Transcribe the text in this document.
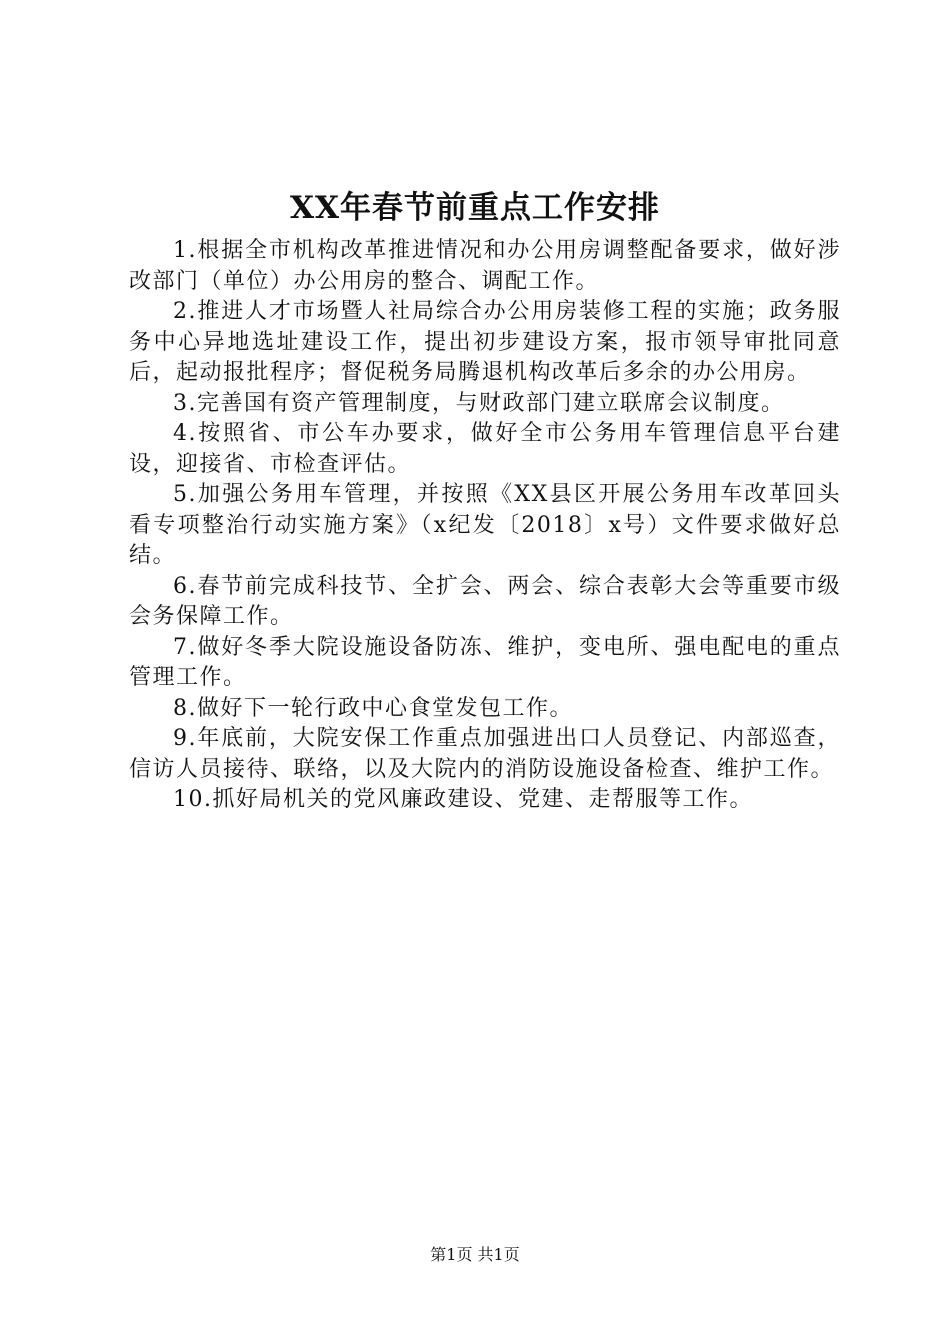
XX年春节前重点工作安排

1.根据全市机构改革推进情况和办公用房调整配备要求，做好涉改部门（单位）办公用房的整合、调配工作。

2.推进人才市场暨人社局综合办公用房装修工程的实施；政务服务中心异地选址建设工作，提出初步建设方案，报市领导审批同意后，起动报批程序；督促税务局腾退机构改革后多余的办公用房。

3.完善国有资产管理制度，与财政部门建立联席会议制度。

4.按照省、市公车办要求，做好全市公务用车管理信息平台建设，迎接省、市检查评估。

5.加强公务用车管理，并按照《XX县区开展公务用车改革回头看专项整治行动实施方案》（x纪发〔2018〕x号）文件要求做好总结。

6.春节前完成科技节、全扩会、两会、综合表彰大会等重要市级会务保障工作。

7.做好冬季大院设施设备防冻、维护，变电所、强电配电的重点管理工作。

8.做好下一轮行政中心食堂发包工作。

9.年底前，大院安保工作重点加强进出口人员登记、内部巡查，信访人员接待、联络，以及大院内的消防设施设备检查、维护工作。

10.抓好局机关的党风廉政建设、党建、走帮服等工作。

第1页 共1页
